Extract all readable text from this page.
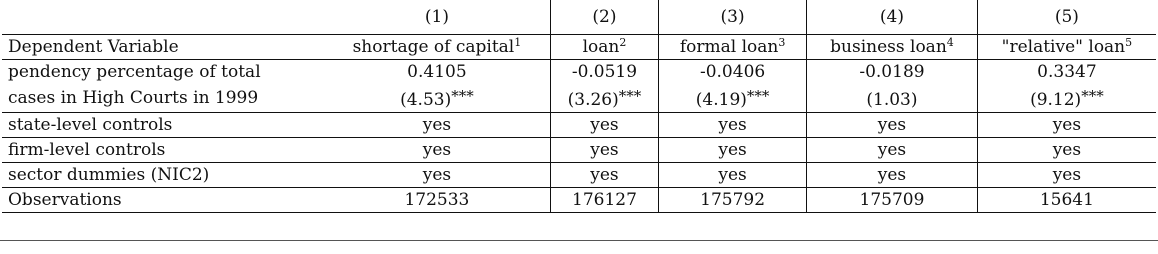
	(1)	(2)	(3)	(4)	(5)
Dependent Variable	shortage of capital$^1$	loan$^2$	formal loan$^3$	business loan$^4$	"relative" loan$^5$
pendency percentage of total	0.4105	-0.0519	-0.0406	-0.0189	0.3347
cases in High Courts in 1999	(4.53)***	(3.26)***	(4.19)***	(1.03)	(9.12)***
state-level controls	yes	yes	yes	yes	yes
firm-level controls	yes	yes	yes	yes	yes
sector dummies (NIC2)	yes	yes	yes	yes	yes
Observations	172533	176127	175792	175709	15641
